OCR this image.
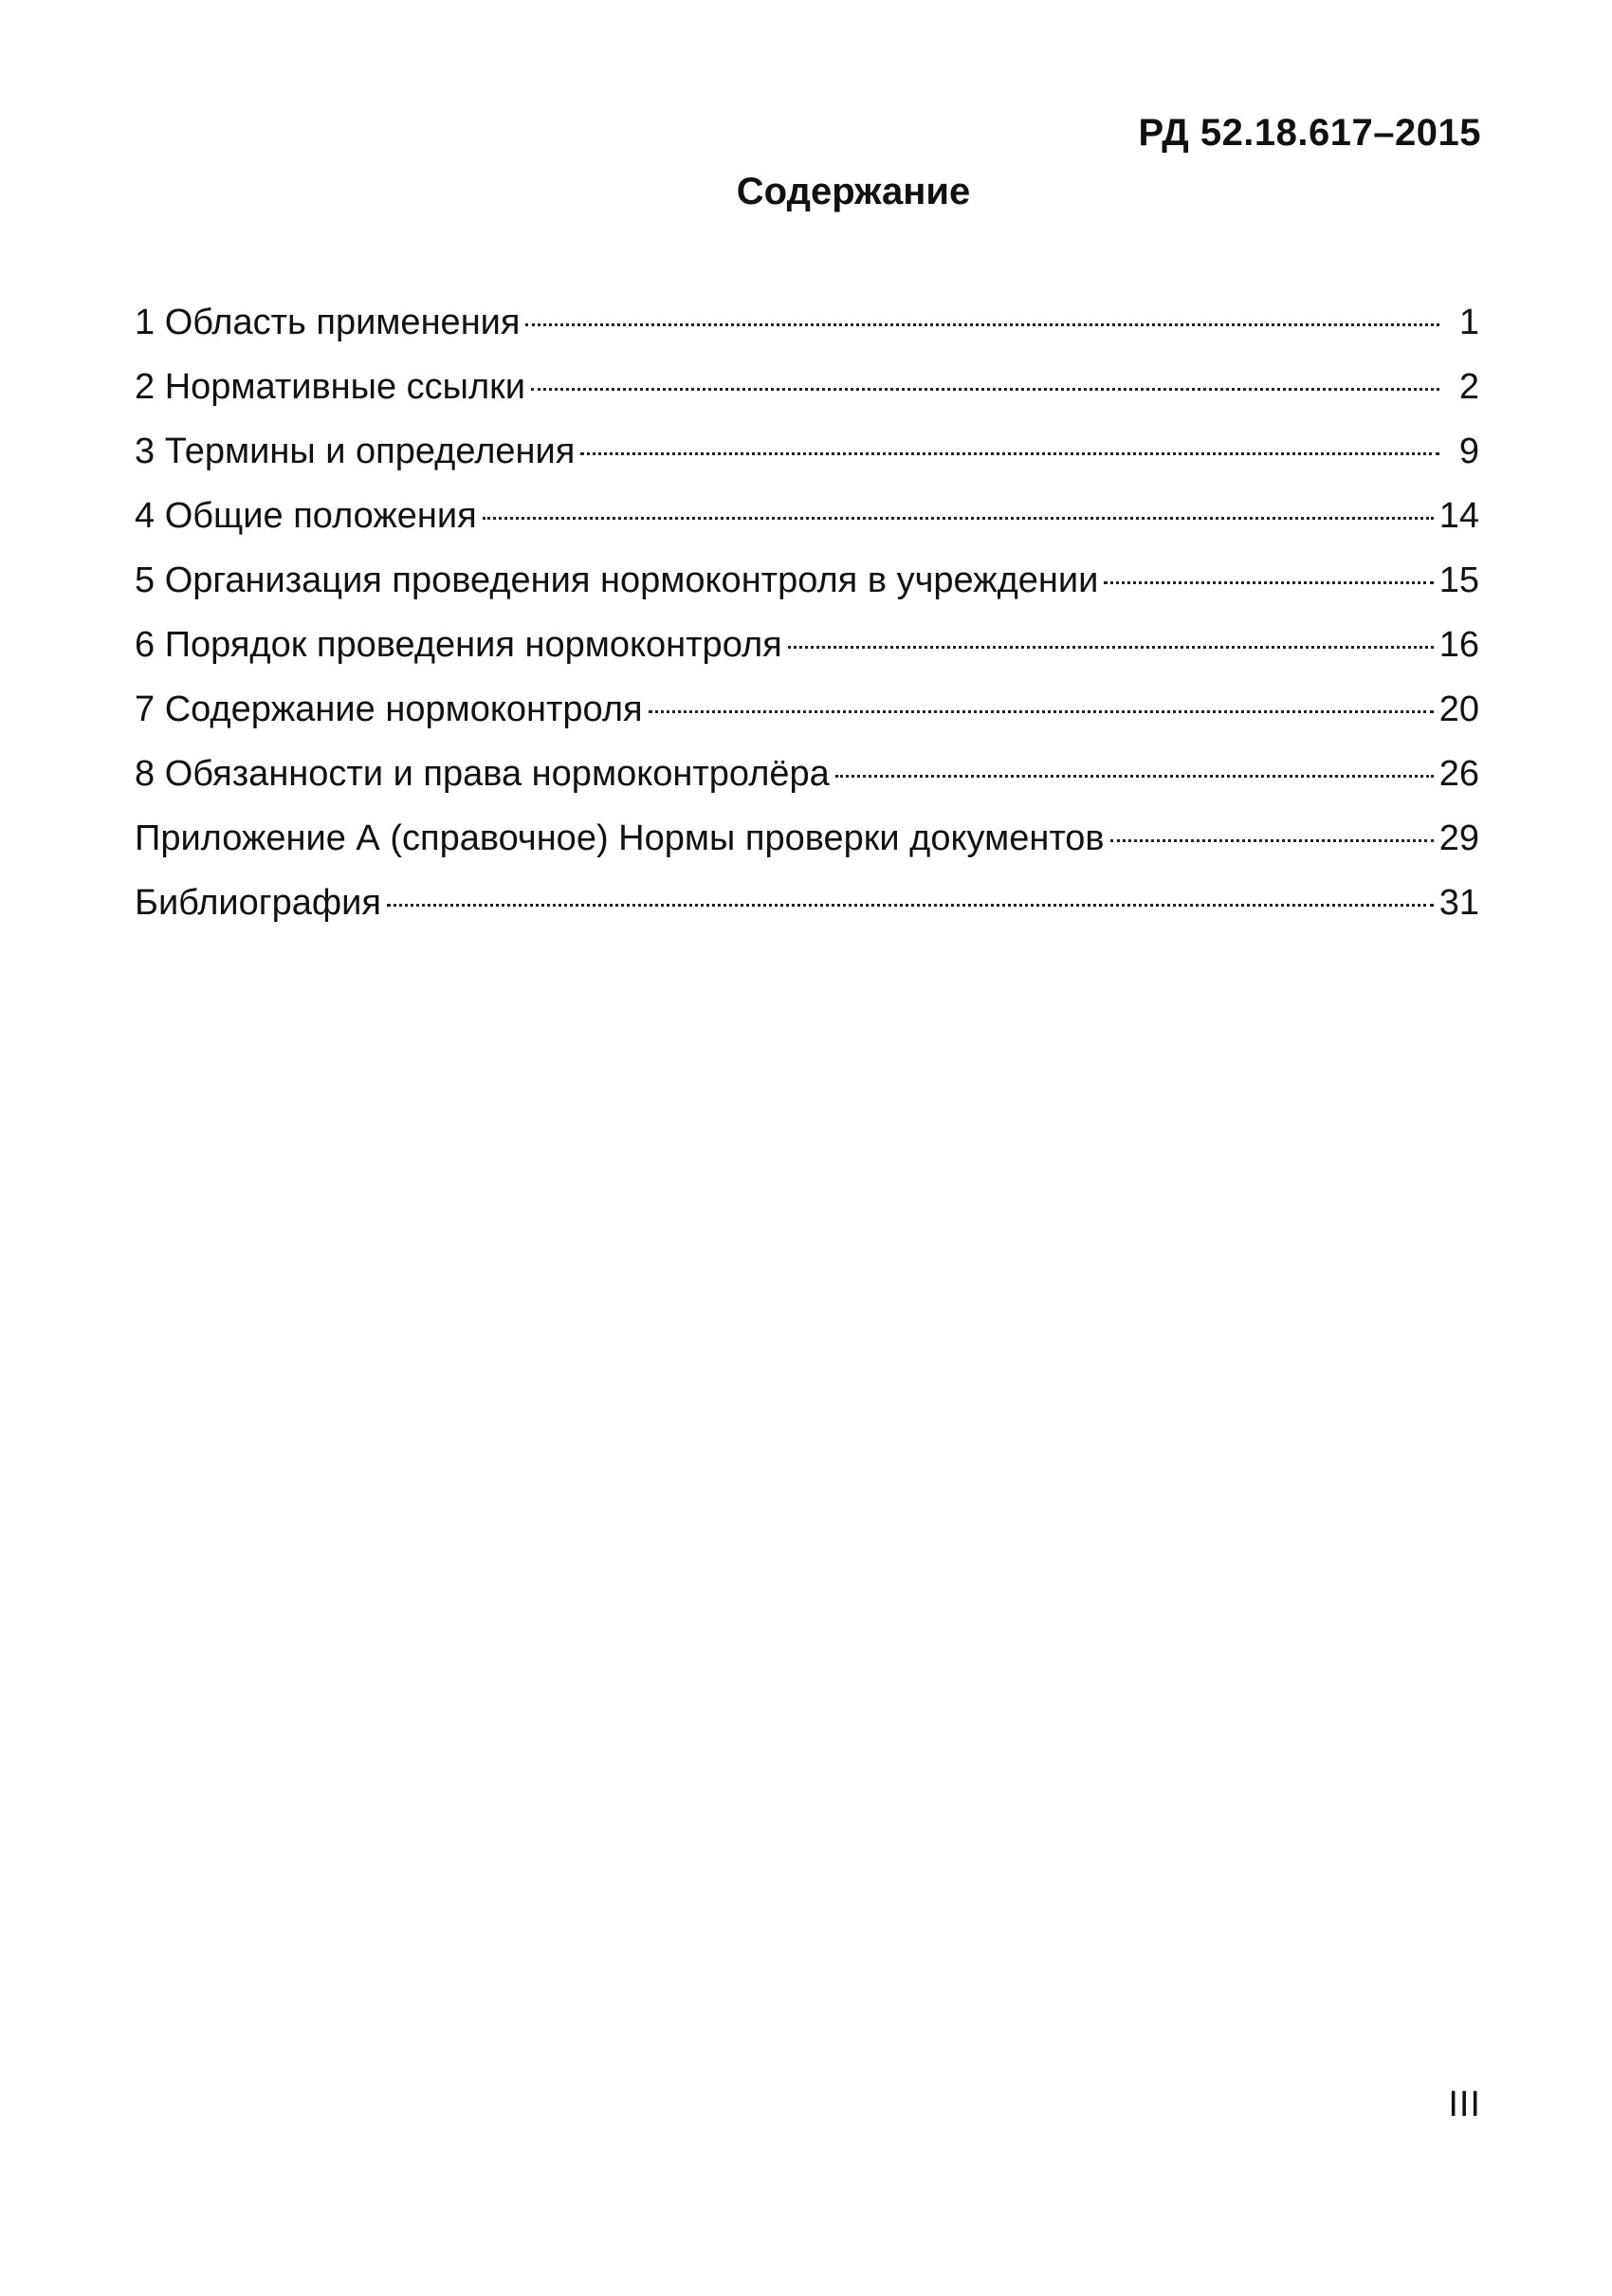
РД 52.18.617–2015
Содержание
1 Область применения	1
2 Нормативные ссылки	2
3 Термины и определения	9
4 Общие положения	14
5 Организация проведения нормоконтроля в учреждении	15
6 Порядок проведения нормоконтроля	16
7 Содержание нормоконтроля	20
8 Обязанности и права нормоконтролёра	26
Приложение А (справочное) Нормы проверки документов	29
Библиография	31
III
